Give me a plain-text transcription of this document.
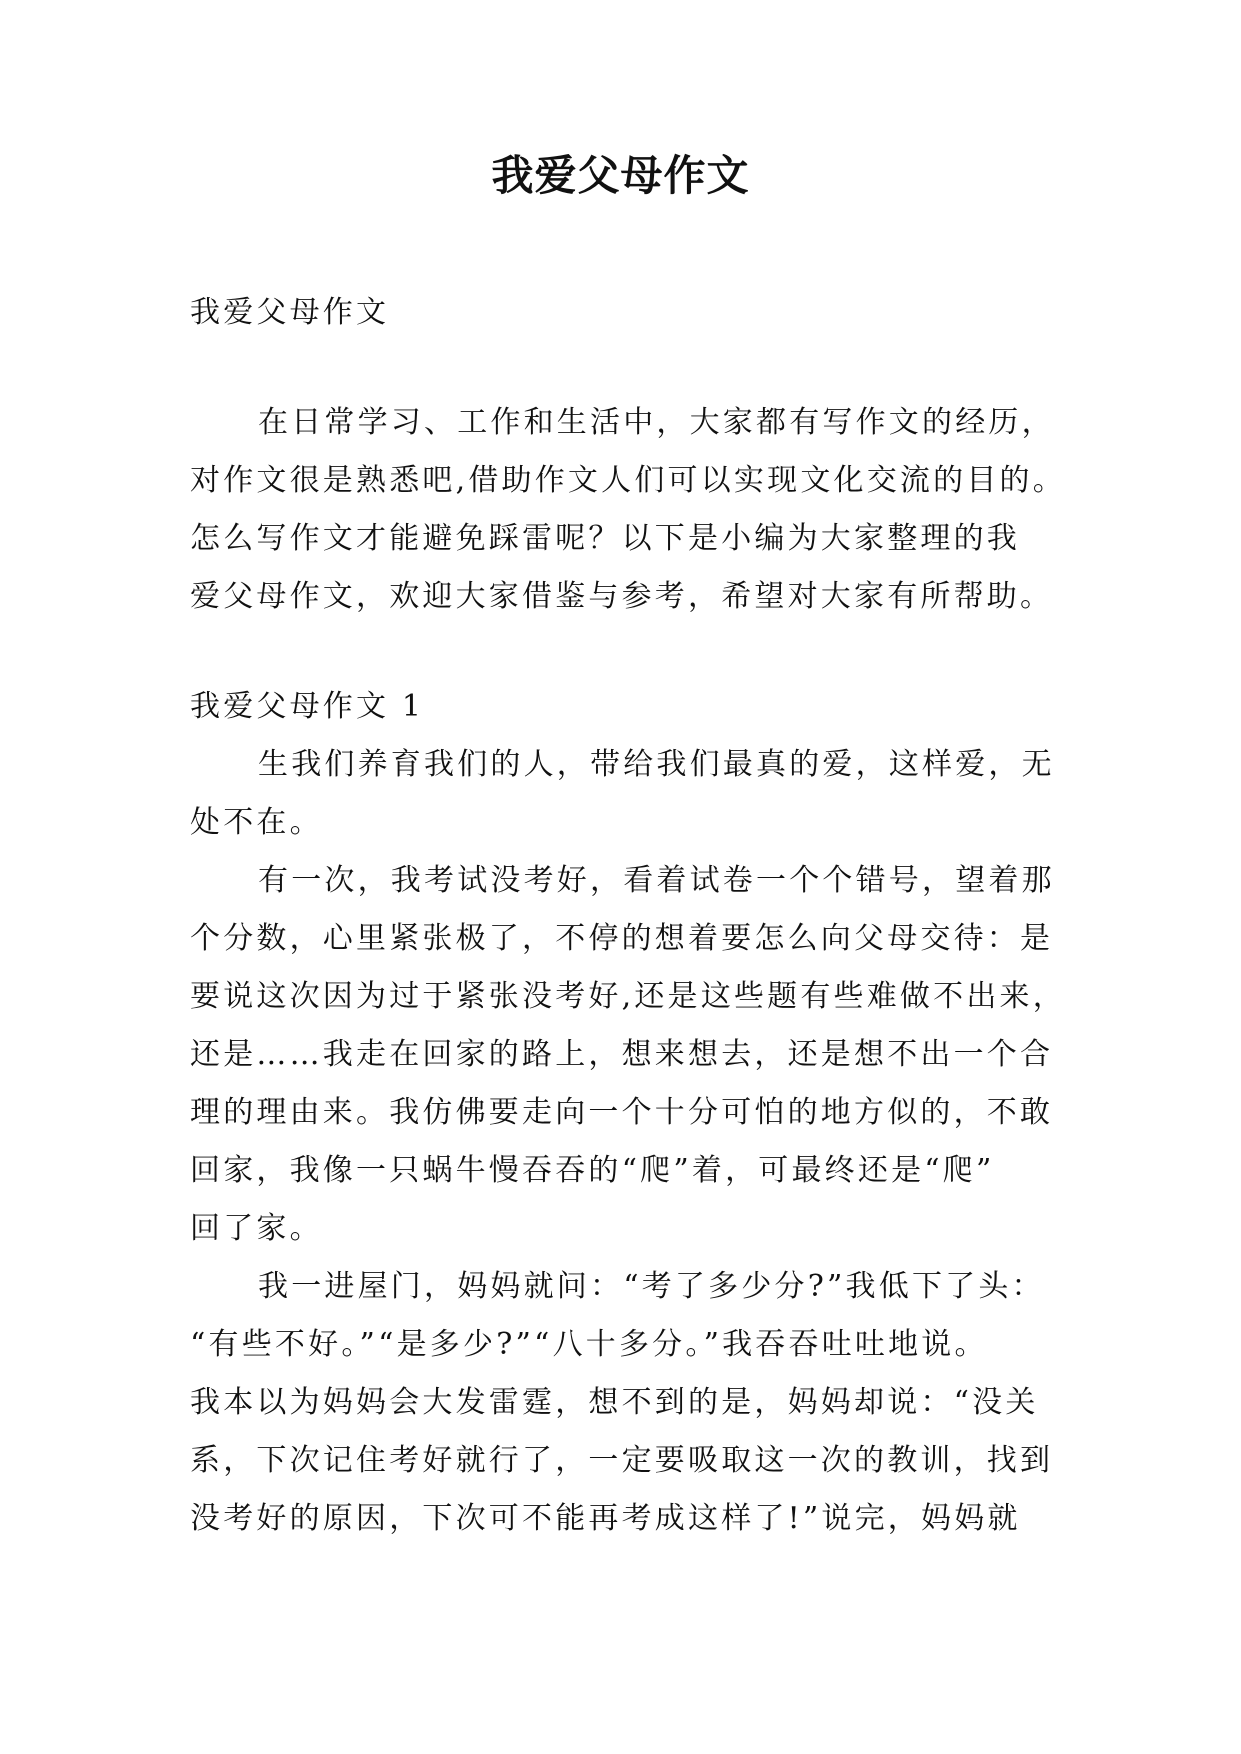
我爱父母作文

我爱父母作文

在日常学习、工作和生活中，大家都有写作文的经历，

对作文很是熟悉吧,借助作文人们可以实现文化交流的目的。

怎么写作文才能避免踩雷呢？以下是小编为大家整理的我

爱父母作文，欢迎大家借鉴与参考，希望对大家有所帮助。

我爱父母作文 1

生我们养育我们的人，带给我们最真的爱，这样爱，无

处不在。

有一次，我考试没考好，看着试卷一个个错号，望着那

个分数，心里紧张极了，不停的想着要怎么向父母交待：是

要说这次因为过于紧张没考好,还是这些题有些难做不出来，

还是……我走在回家的路上，想来想去，还是想不出一个合

理的理由来。我仿佛要走向一个十分可怕的地方似的，不敢

回家，我像一只蜗牛慢吞吞的“爬”着，可最终还是“爬”

回了家。

我一进屋门，妈妈就问：“考了多少分?”我低下了头：

“有些不好。”“是多少?”“八十多分。”我吞吞吐吐地说。

我本以为妈妈会大发雷霆，想不到的是，妈妈却说：“没关

系，下次记住考好就行了，一定要吸取这一次的教训，找到

没考好的原因，下次可不能再考成这样了!”说完，妈妈就
